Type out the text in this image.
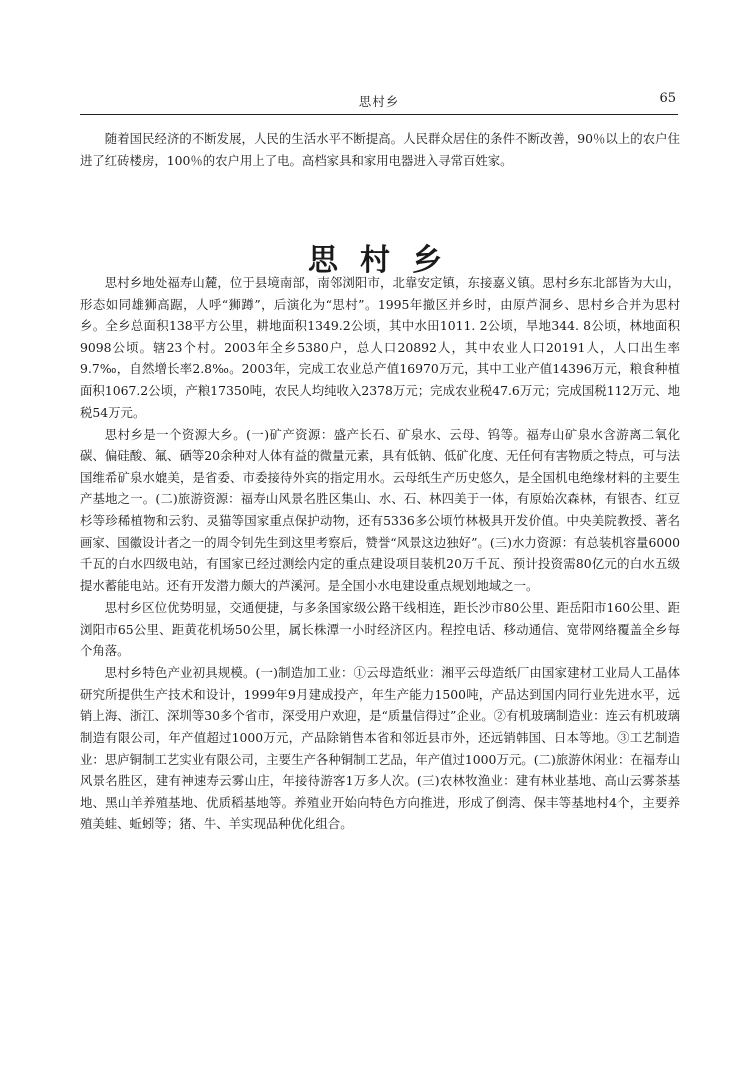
思村乡	65

随着国民经济的不断发展，人民的生活水平不断提高。人民群众居住的条件不断改善，90％以上的农户住进了红砖楼房，100％的农户用上了电。高档家具和家用电器进入寻常百姓家。

思村乡

思村乡地处福寿山麓，位于县境南部，南邻浏阳市，北靠安定镇，东接嘉义镇。思村乡东北部皆为大山，形态如同雄狮高踞，人呼“狮蹲”，后演化为“思村”。1995年撤区并乡时，由原芦洞乡、思村乡合并为思村乡。全乡总面积138平方公里，耕地面积1349.2公顷，其中水田1011. 2公顷，旱地344. 8公顷，林地面积9098公顷。辖23个村。2003年全乡5380户，总人口20892人，其中农业人口20191人，人口出生率9.7‰，自然增长率2.8‰。2003年，完成工农业总产值16970万元，其中工业产值14396万元，粮食种植面积1067.2公顷，产粮17350吨，农民人均纯收入2378万元；完成农业税47.6万元；完成国税112万元、地税54万元。

思村乡是一个资源大乡。(一)矿产资源：盛产长石、矿泉水、云母、钨等。福寿山矿泉水含游离二氧化碳、偏硅酸、氟、硒等20余种对人体有益的微量元素，具有低钠、低矿化度、无任何有害物质之特点，可与法国维希矿泉水媲美，是省委、市委接待外宾的指定用水。云母纸生产历史悠久，是全国机电绝缘材料的主要生产基地之一。(二)旅游资源：福寿山风景名胜区集山、水、石、林四美于一体，有原始次森林，有银杏、红豆杉等珍稀植物和云豹、灵猫等国家重点保护动物，还有5336多公顷竹林极具开发价值。中央美院教授、著名画家、国徽设计者之一的周令钊先生到这里考察后，赞誉“风景这边独好”。(三)水力资源：有总装机容量6000千瓦的白水四级电站，有国家已经过测绘内定的重点建设项目装机20万千瓦、预计投资需80亿元的白水五级提水蓄能电站。还有开发潜力颇大的芦溪河。是全国小水电建设重点规划地域之一。

思村乡区位优势明显，交通便捷，与多条国家级公路干线相连，距长沙市80公里、距岳阳市160公里、距浏阳市65公里、距黄花机场50公里，属长株潭一小时经济区内。程控电话、移动通信、宽带网络覆盖全乡每个角落。

思村乡特色产业初具规模。(一)制造加工业：①云母造纸业：湘平云母造纸厂由国家建材工业局人工晶体研究所提供生产技术和设计，1999年9月建成投产，年生产能力1500吨，产品达到国内同行业先进水平，远销上海、浙江、深圳等30多个省市，深受用户欢迎，是“质量信得过”企业。②有机玻璃制造业：连云有机玻璃制造有限公司，年产值超过1000万元，产品除销售本省和邻近县市外，还远销韩国、日本等地。③工艺制造业：思庐铜制工艺实业有限公司，主要生产各种铜制工艺品，年产值过1000万元。(二)旅游休闲业：在福寿山风景名胜区，建有神速寿云雾山庄，年接待游客1万多人次。(三)农林牧渔业：建有林业基地、高山云雾茶基地、黑山羊养殖基地、优质稻基地等。养殖业开始向特色方向推进，形成了倒湾、保丰等基地村4个，主要养殖美蛙、蚯蚓等；猪、牛、羊实现品种优化组合。
